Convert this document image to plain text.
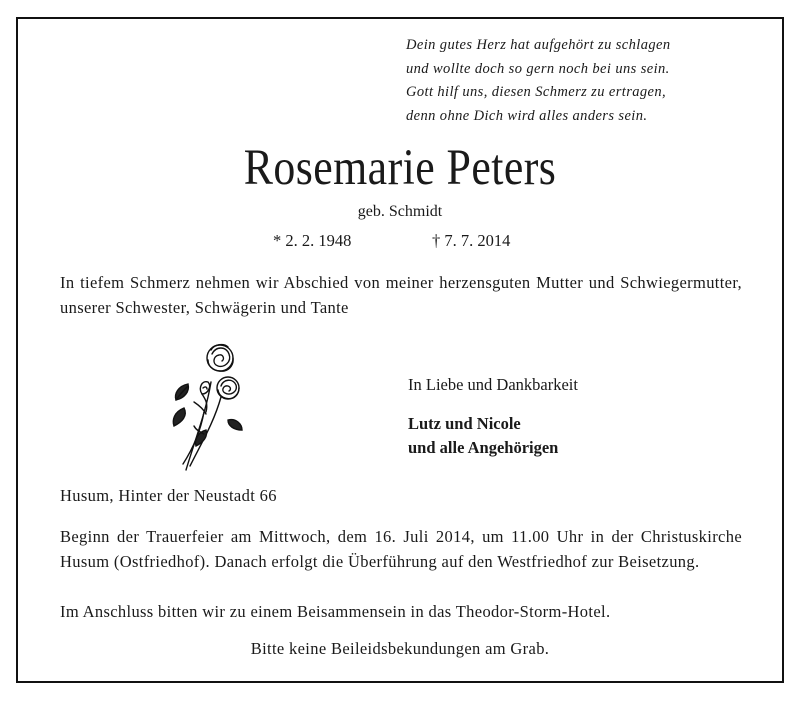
Dein gutes Herz hat aufgehört zu schlagen
und wollte doch so gern noch bei uns sein.
Gott hilf uns, diesen Schmerz zu ertragen,
denn ohne Dich wird alles anders sein.
Rosemarie Peters
geb. Schmidt
* 2. 2. 1948	† 7. 7. 2014
In tiefem Schmerz nehmen wir Abschied von meiner herzensguten Mutter und Schwiegermutter, unserer Schwester, Schwägerin und Tante
In Liebe und Dankbarkeit
Lutz und Nicole
und alle Angehörigen
Husum, Hinter der Neustadt 66
Beginn der Trauerfeier am Mittwoch, dem 16. Juli 2014, um 11.00 Uhr in der Christuskirche Husum (Ostfriedhof). Danach erfolgt die Überführung auf den Westfriedhof zur Beisetzung.
Im Anschluss bitten wir zu einem Beisammensein in das Theodor-Storm-Hotel.
Bitte keine Beileidsbekundungen am Grab.
